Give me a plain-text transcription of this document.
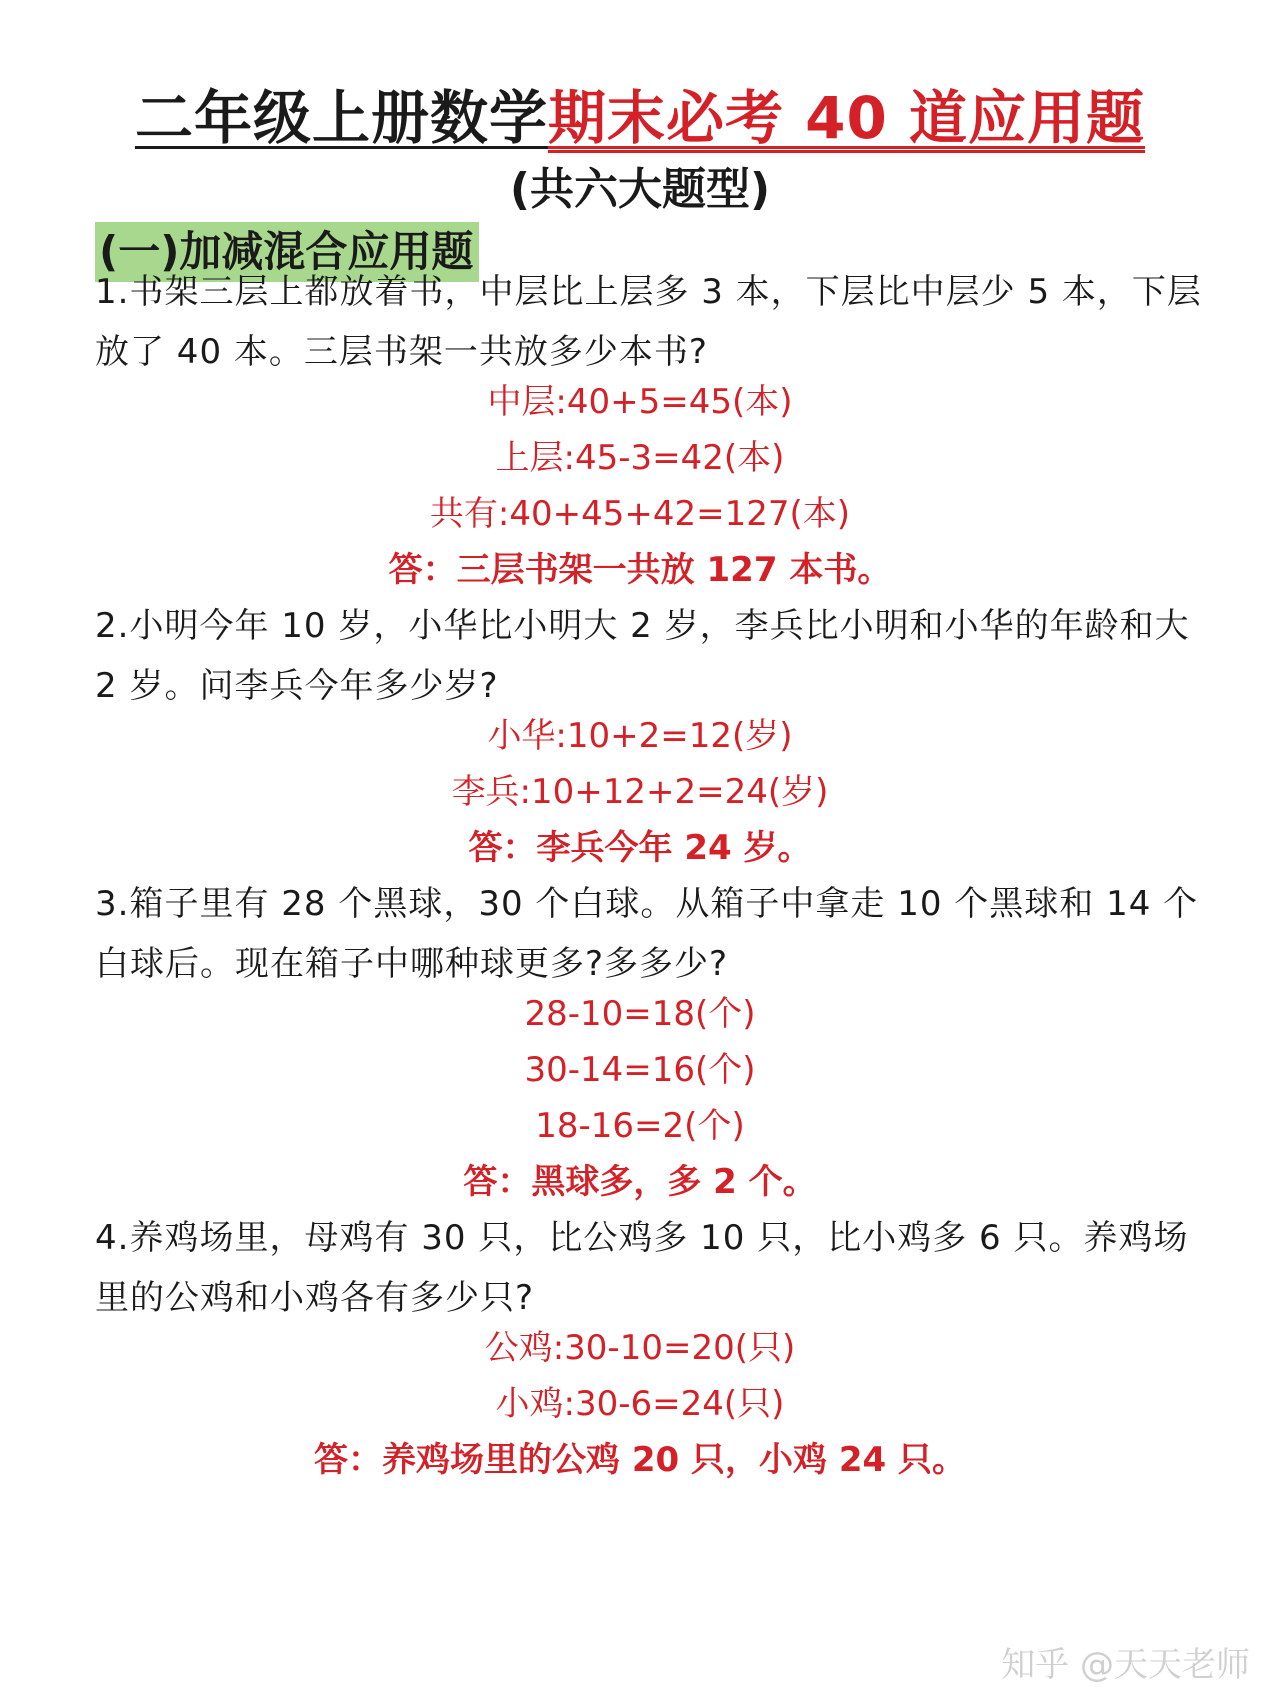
二年级上册数学期末必考 40 道应用题
(共六大题型)
(一)加减混合应用题
1.书架三层上都放着书，中层比上层多 3 本，下层比中层少 5 本，下层放了 40 本。三层书架一共放多少本书?
中层:40+5=45(本)
上层:45-3=42(本)
共有:40+45+42=127(本)
答：三层书架一共放 127 本书。
2.小明今年 10 岁，小华比小明大 2 岁，李兵比小明和小华的年龄和大 2 岁。问李兵今年多少岁?
小华:10+2=12(岁)
李兵:10+12+2=24(岁)
答：李兵今年 24 岁。
3.箱子里有 28 个黑球，30 个白球。从箱子中拿走 10 个黑球和 14 个白球后。现在箱子中哪种球更多?多多少?
28-10=18(个)
30-14=16(个)
18-16=2(个)
答：黑球多，多 2 个。
4.养鸡场里，母鸡有 30 只，比公鸡多 10 只，比小鸡多 6 只。养鸡场里的公鸡和小鸡各有多少只?
公鸡:30-10=20(只)
小鸡:30-6=24(只)
答：养鸡场里的公鸡 20 只，小鸡 24 只。
知乎 @天天老师
